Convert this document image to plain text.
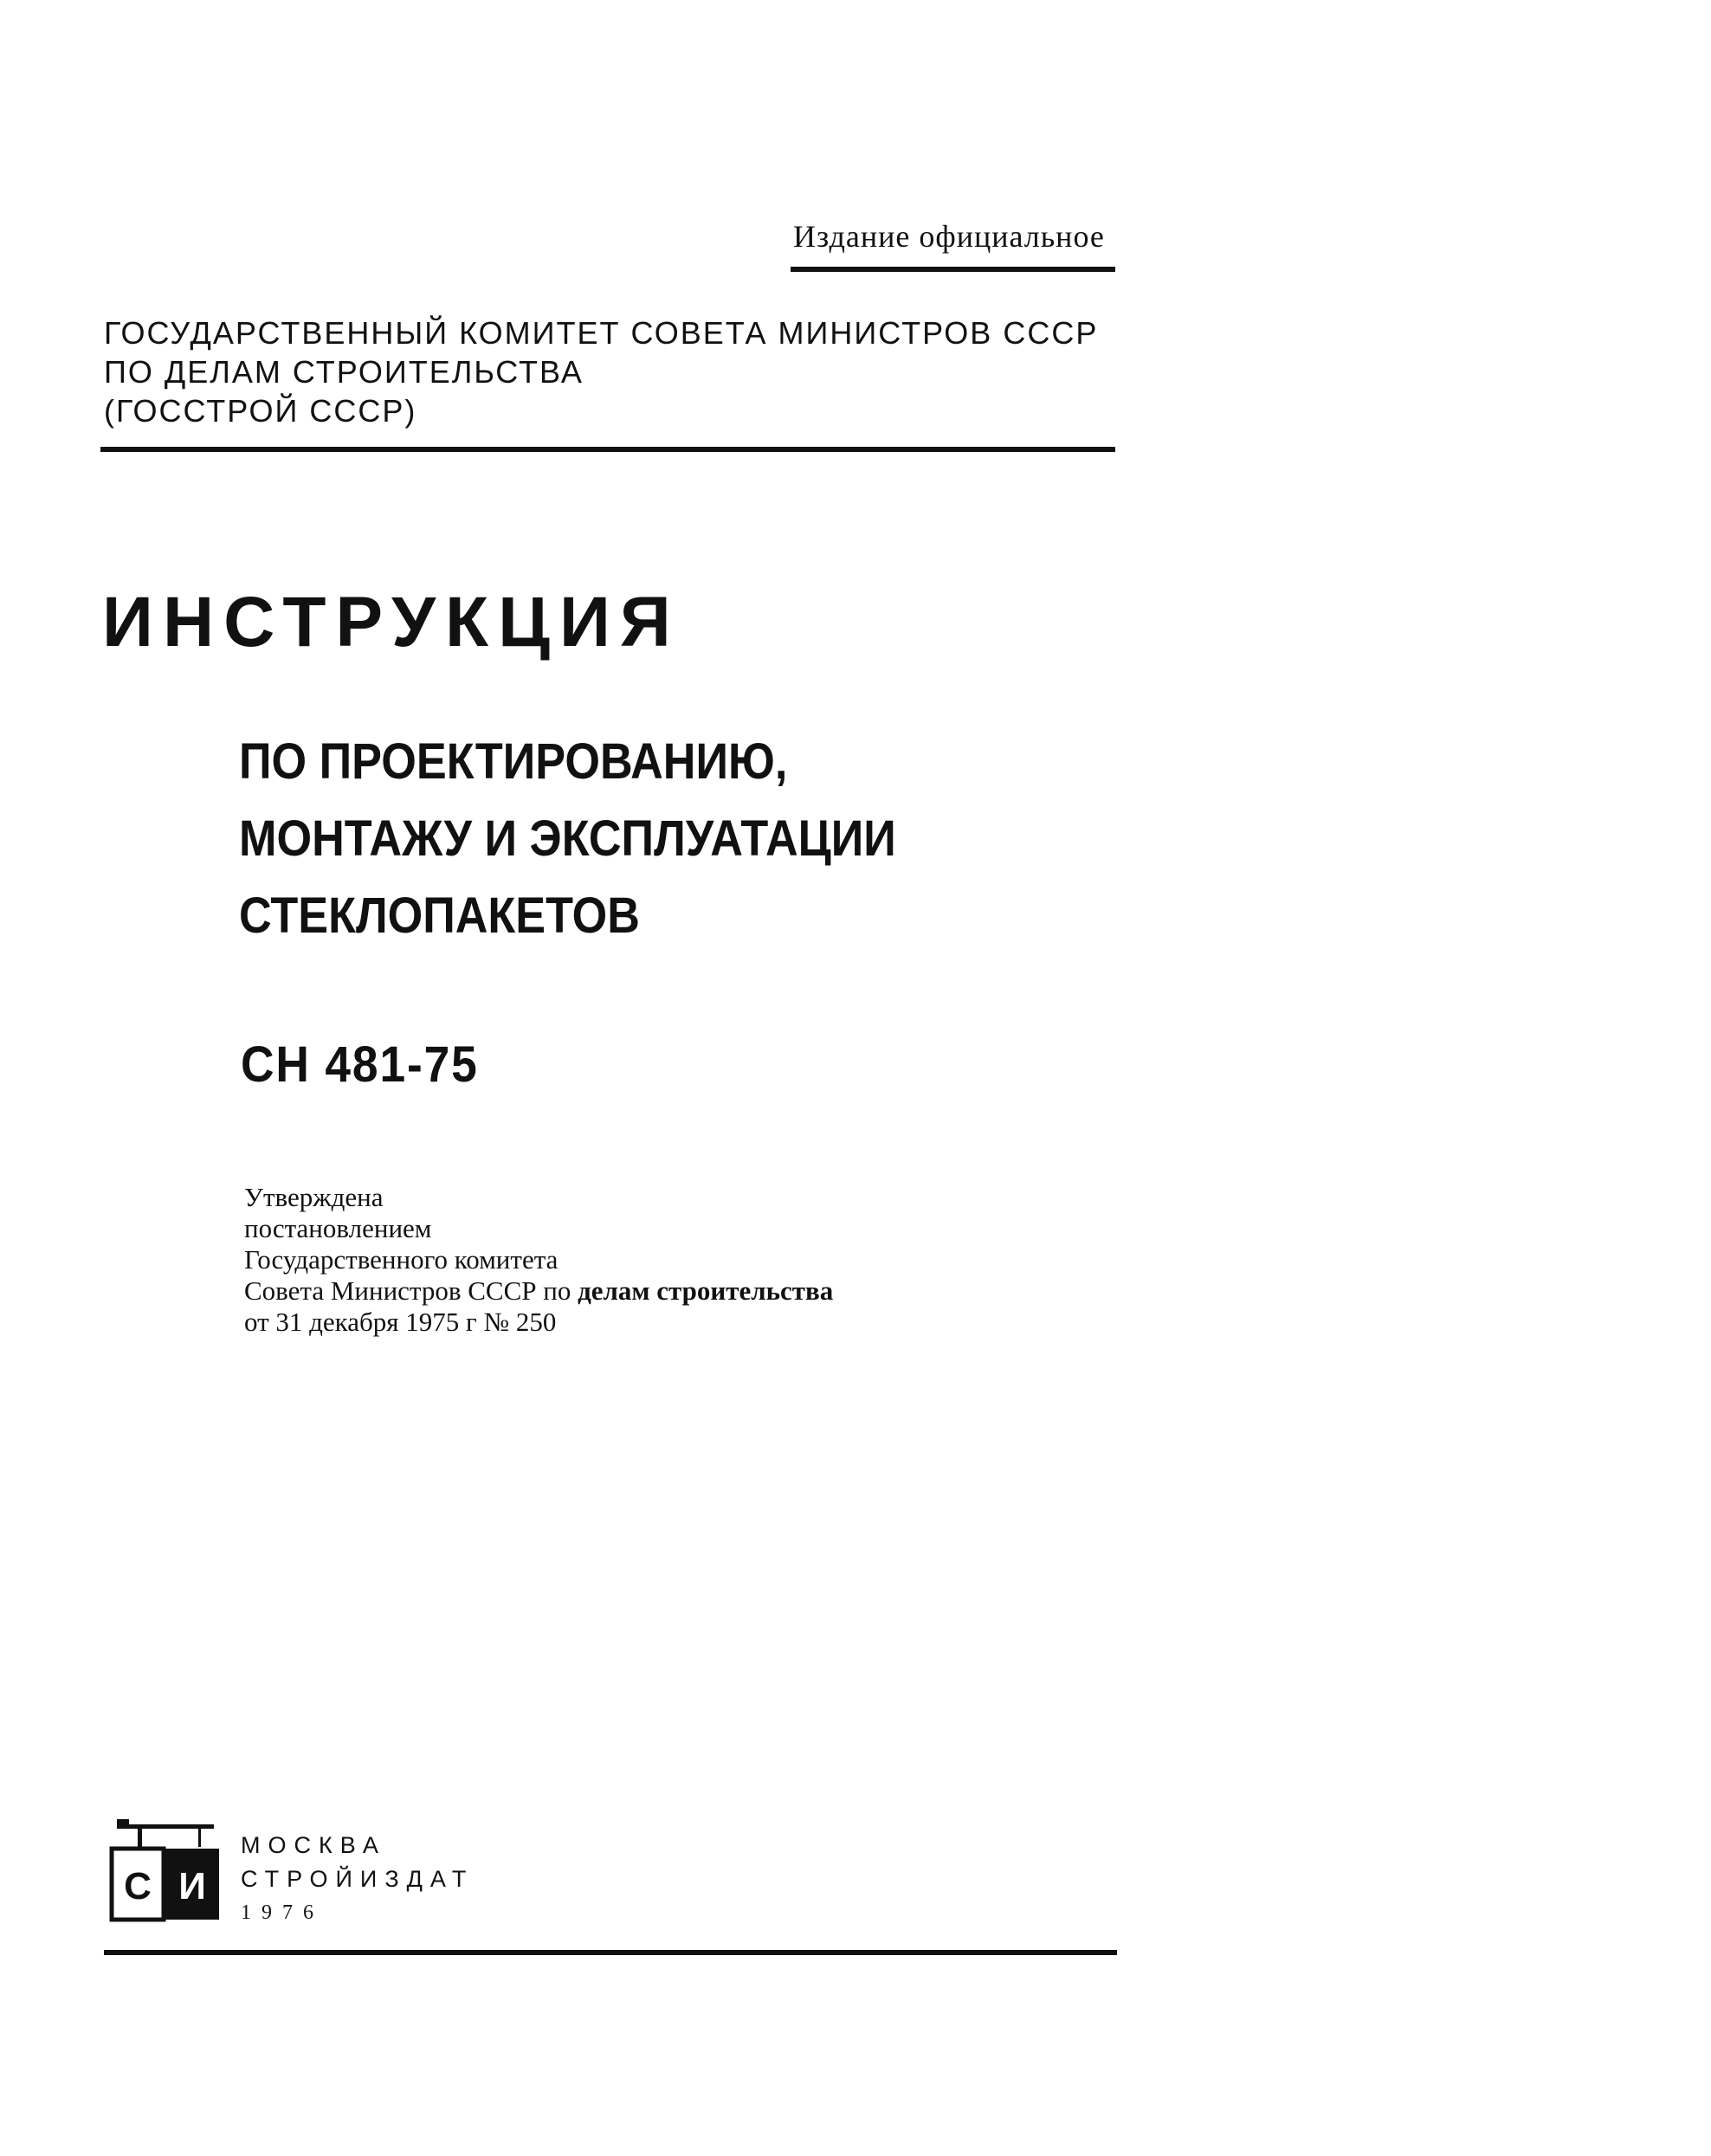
Издание официальное
ГОСУДАРСТВЕННЫЙ КОМИТЕТ СОВЕТА МИНИСТРОВ СССР
ПО ДЕЛАМ СТРОИТЕЛЬСТВА
(ГОССТРОЙ СССР)
ИНСТРУКЦИЯ
ПО ПРОЕКТИРОВАНИЮ,
МОНТАЖУ И ЭКСПЛУАТАЦИИ
СТЕКЛОПАКЕТОВ
СН 481-75
Утверждена
постановлением
Государственного комитета
Совета Министров СССР по делам строительства
от 31 декабря 1975 г № 250
С И
МОСКВА
СТРОЙИЗДАТ
1976
